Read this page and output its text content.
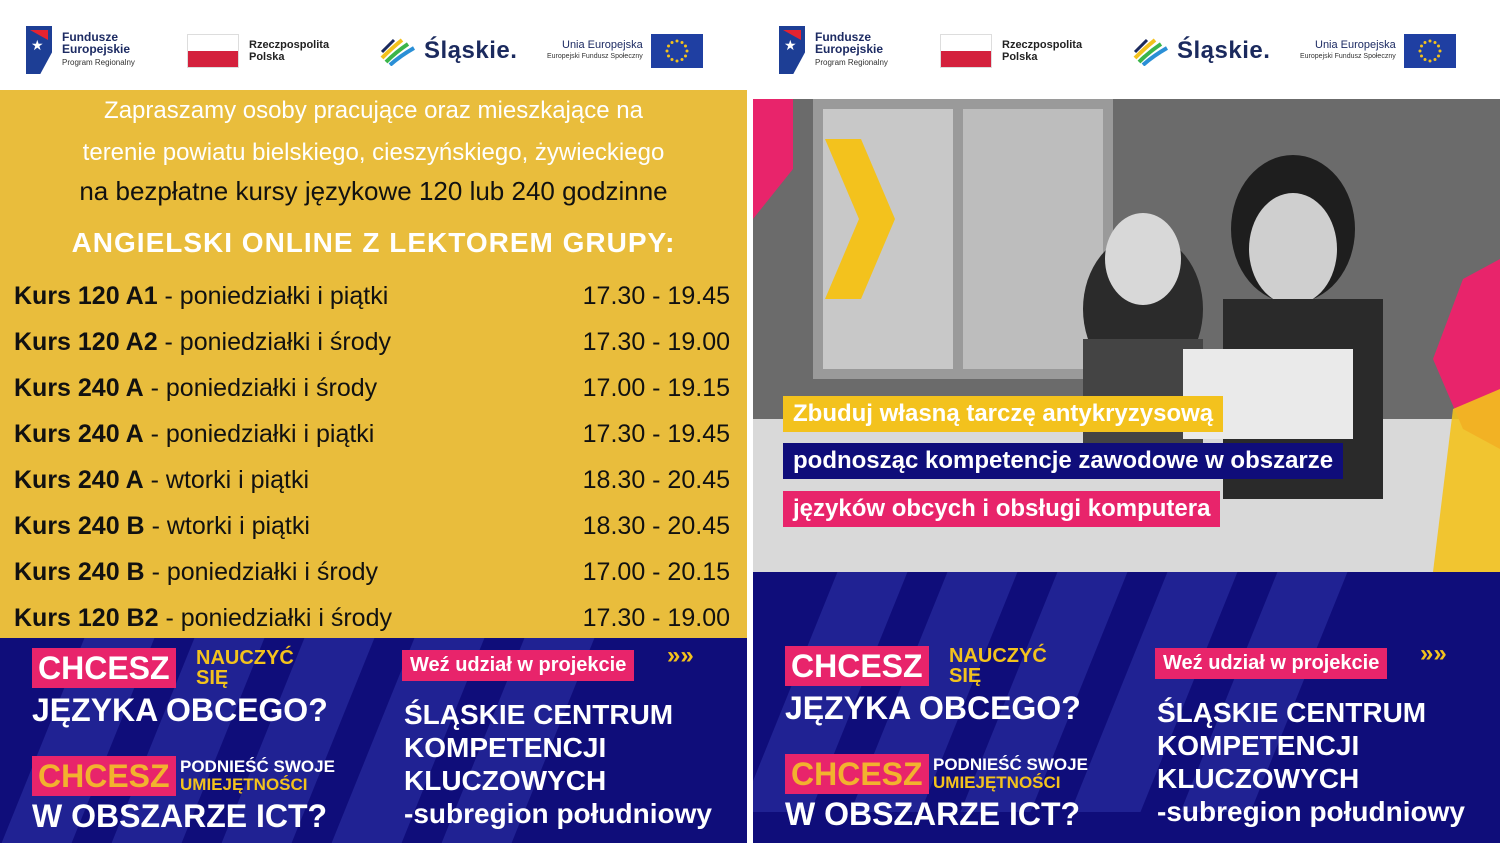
★ Fundusze
Europejskie
Program Regionalny
Rzeczpospolita
Polska	Śląskie.	Unia Europejska
Europejski Fundusz Społeczny
Zapraszamy osoby pracujące oraz mieszkające na
terenie powiatu bielskiego, cieszyńskiego, żywieckiego
na bezpłatne kursy językowe 120 lub 240 godzinne
ANGIELSKI ONLINE Z LEKTOREM GRUPY:
Kurs 120 A1 - poniedziałki i piątki	17.30 - 19.45
Kurs 120 A2 - poniedziałki i środy	17.30 - 19.00
Kurs 240 A - poniedziałki i środy	17.00 - 19.15
Kurs 240 A - poniedziałki i piątki	17.30 - 19.45
Kurs 240 A - wtorki i piątki	18.30 - 20.45
Kurs 240 B - wtorki i piątki	18.30 - 20.45
Kurs 240 B - poniedziałki i środy	17.00 - 20.15
Kurs 120 B2 - poniedziałki i środy	17.30 - 19.00
CHCESZ	NAUCZYĆ
SIĘ
JĘZYKA OBCEGO?
CHCESZ PODNIEŚĆ SWOJE
UMIEJĘTNOŚCI
W OBSZARZE ICT?
Weź udział w projekcie	»»
ŚLĄSKIE CENTRUM
KOMPETENCJI
KLUCZOWYCH
-subregion południowy
★ Fundusze
Europejskie
Program Regionalny
Rzeczpospolita
Polska	Śląskie.	Unia Europejska
Europejski Fundusz Społeczny
Zbuduj własną tarczę antykryzysową
podnosząc kompetencje zawodowe w obszarze
języków obcych i obsługi komputera
CHCESZ	NAUCZYĆ
SIĘ
JĘZYKA OBCEGO?
CHCESZ PODNIEŚĆ SWOJE
UMIEJĘTNOŚCI
W OBSZARZE ICT?
Weź udział w projekcie	»»
ŚLĄSKIE CENTRUM
KOMPETENCJI
KLUCZOWYCH
-subregion południowy
